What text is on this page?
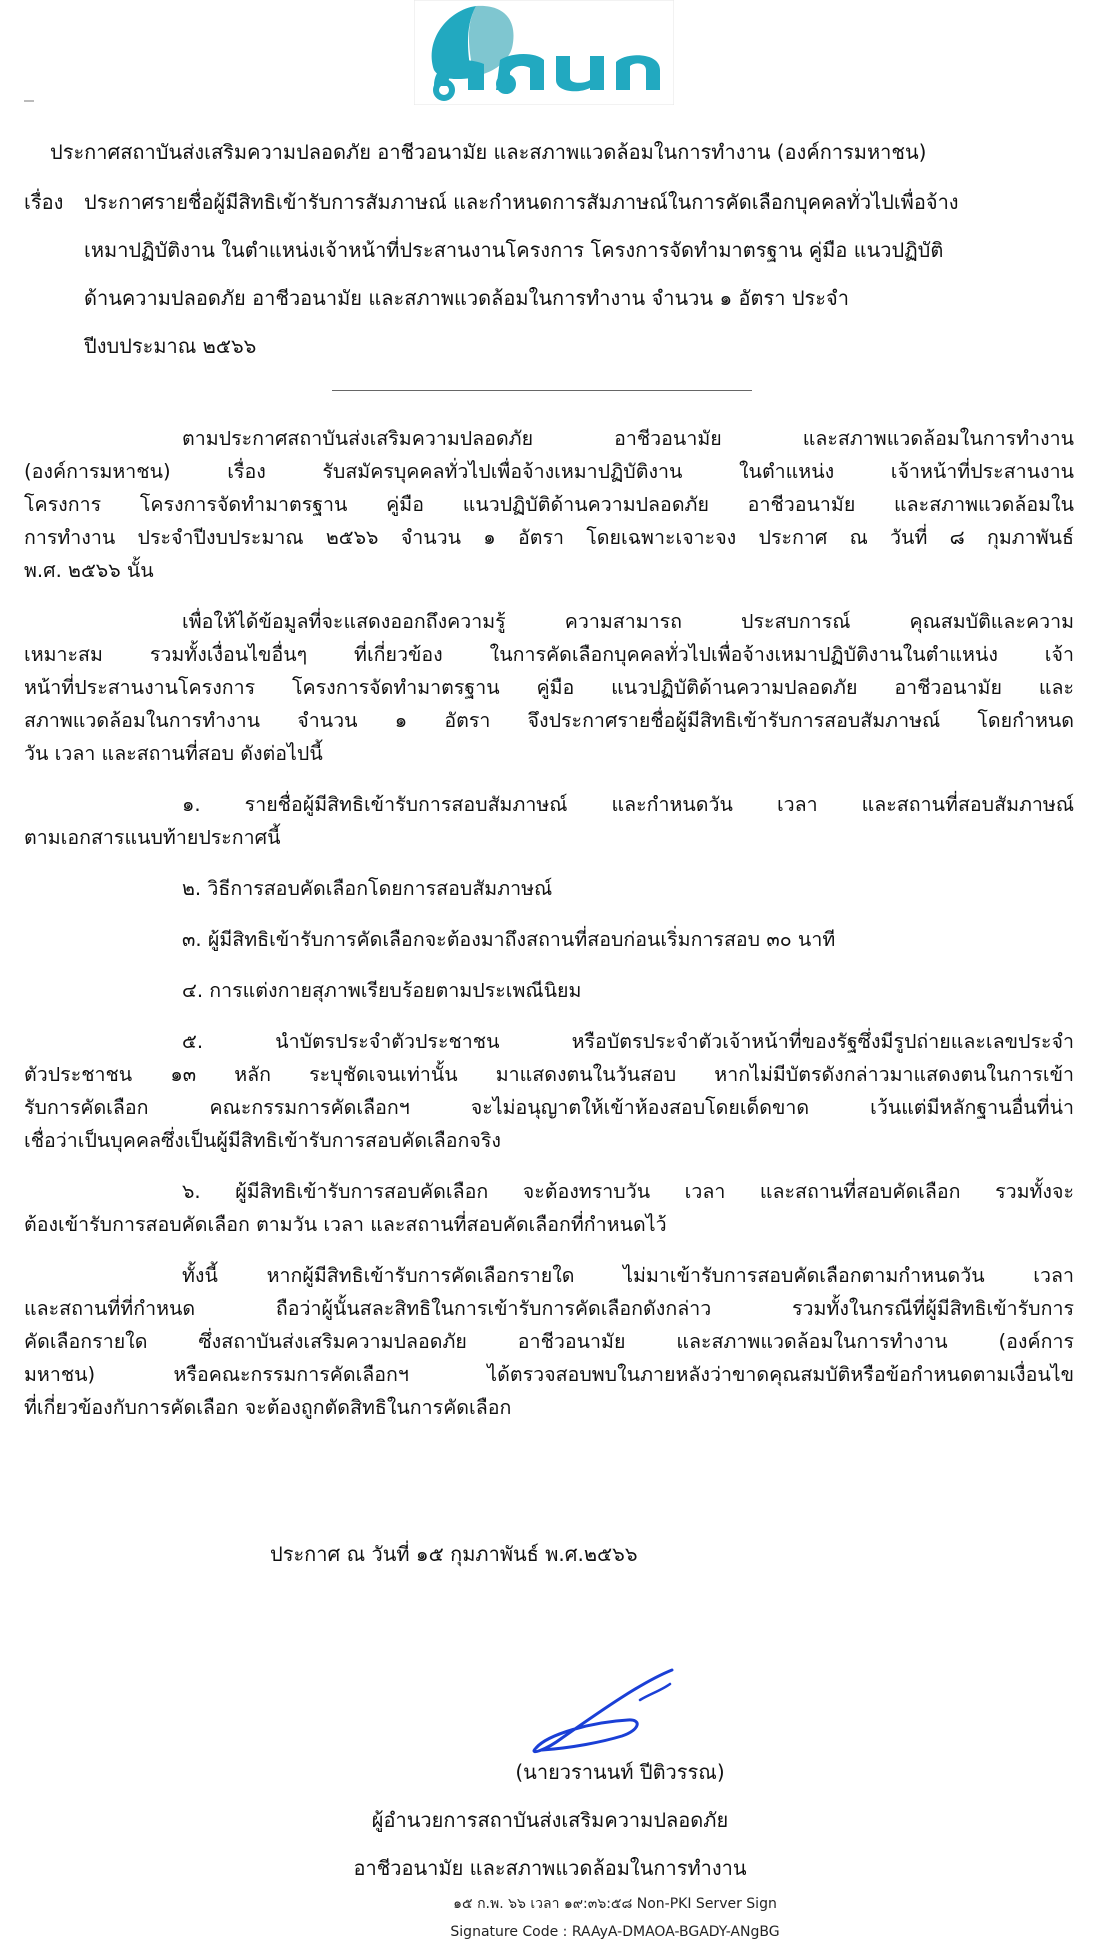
ประกาศสถาบันส่งเสริมความปลอดภัย อาชีวอนามัย และสภาพแวดล้อมในการทำงาน (องค์การมหาชน)
เรื่อง	ประกาศรายชื่อผู้มีสิทธิเข้ารับการสัมภาษณ์ และกำหนดการสัมภาษณ์ในการคัดเลือกบุคคลทั่วไปเพื่อจ้าง
เหมาปฏิบัติงาน ในตำแหน่งเจ้าหน้าที่ประสานงานโครงการ โครงการจัดทำมาตรฐาน คู่มือ แนวปฏิบัติ
ด้านความปลอดภัย อาชีวอนามัย และสภาพแวดล้อมในการทำงาน จำนวน ๑ อัตรา ประจำ
ปีงบประมาณ ๒๕๖๖
ตามประกาศสถาบันส่งเสริมความปลอดภัย อาชีวอนามัย และสภาพแวดล้อมในการทำงาน
(องค์การมหาชน) เรื่อง รับสมัครบุคคลทั่วไปเพื่อจ้างเหมาปฏิบัติงาน ในตำแหน่ง เจ้าหน้าที่ประสานงาน
โครงการ โครงการจัดทำมาตรฐาน คู่มือ แนวปฏิบัติด้านความปลอดภัย อาชีวอนามัย และสภาพแวดล้อมใน
การทำงาน ประจำปีงบประมาณ ๒๕๖๖ จำนวน ๑ อัตรา โดยเฉพาะเจาะจง ประกาศ ณ วันที่ ๘ กุมภาพันธ์
พ.ศ. ๒๕๖๖ นั้น
เพื่อให้ได้ข้อมูลที่จะแสดงออกถึงความรู้ ความสามารถ ประสบการณ์ คุณสมบัติและความ
เหมาะสม รวมทั้งเงื่อนไขอื่นๆ ที่เกี่ยวข้อง ในการคัดเลือกบุคคลทั่วไปเพื่อจ้างเหมาปฏิบัติงานในตำแหน่ง เจ้า
หน้าที่ประสานงานโครงการ โครงการจัดทำมาตรฐาน คู่มือ แนวปฏิบัติด้านความปลอดภัย อาชีวอนามัย และ
สภาพแวดล้อมในการทำงาน จำนวน ๑ อัตรา จึงประกาศรายชื่อผู้มีสิทธิเข้ารับการสอบสัมภาษณ์ โดยกำหนด
วัน เวลา และสถานที่สอบ ดังต่อไปนี้
๑. รายชื่อผู้มีสิทธิเข้ารับการสอบสัมภาษณ์ และกำหนดวัน เวลา และสถานที่สอบสัมภาษณ์
ตามเอกสารแนบท้ายประกาศนี้
๒. วิธีการสอบคัดเลือกโดยการสอบสัมภาษณ์
๓. ผู้มีสิทธิเข้ารับการคัดเลือกจะต้องมาถึงสถานที่สอบก่อนเริ่มการสอบ ๓๐ นาที
๔. การแต่งกายสุภาพเรียบร้อยตามประเพณีนิยม
๕. นำบัตรประจำตัวประชาชน หรือบัตรประจำตัวเจ้าหน้าที่ของรัฐซึ่งมีรูปถ่ายและเลขประจำ
ตัวประชาชน ๑๓ หลัก ระบุชัดเจนเท่านั้น มาแสดงตนในวันสอบ หากไม่มีบัตรดังกล่าวมาแสดงตนในการเข้า
รับการคัดเลือก คณะกรรมการคัดเลือกฯ จะไม่อนุญาตให้เข้าห้องสอบโดยเด็ดขาด เว้นแต่มีหลักฐานอื่นที่น่า
เชื่อว่าเป็นบุคคลซึ่งเป็นผู้มีสิทธิเข้ารับการสอบคัดเลือกจริง
๖. ผู้มีสิทธิเข้ารับการสอบคัดเลือก จะต้องทราบวัน เวลา และสถานที่สอบคัดเลือก รวมทั้งจะ
ต้องเข้ารับการสอบคัดเลือก ตามวัน เวลา และสถานที่สอบคัดเลือกที่กำหนดไว้
ทั้งนี้ หากผู้มีสิทธิเข้ารับการคัดเลือกรายใด ไม่มาเข้ารับการสอบคัดเลือกตามกำหนดวัน เวลา
และสถานที่ที่กำหนด ถือว่าผู้นั้นสละสิทธิในการเข้ารับการคัดเลือกดังกล่าว รวมทั้งในกรณีที่ผู้มีสิทธิเข้ารับการ
คัดเลือกรายใด ซึ่งสถาบันส่งเสริมความปลอดภัย อาชีวอนามัย และสภาพแวดล้อมในการทำงาน (องค์การ
มหาชน) หรือคณะกรรมการคัดเลือกฯ ได้ตรวจสอบพบในภายหลังว่าขาดคุณสมบัติหรือข้อกำหนดตามเงื่อนไข
ที่เกี่ยวข้องกับการคัดเลือก จะต้องถูกตัดสิทธิในการคัดเลือก
ประกาศ ณ วันที่ ๑๕ กุมภาพันธ์ พ.ศ.๒๕๖๖
(นายวรานนท์ ปีติวรรณ)
ผู้อำนวยการสถาบันส่งเสริมความปลอดภัย
อาชีวอนามัย และสภาพแวดล้อมในการทำงาน
๑๕ ก.พ. ๖๖ เวลา ๑๙:๓๖:๕๘ Non-PKI Server Sign
Signature Code : RAAyA-DMAOA-BGADY-ANgBG
